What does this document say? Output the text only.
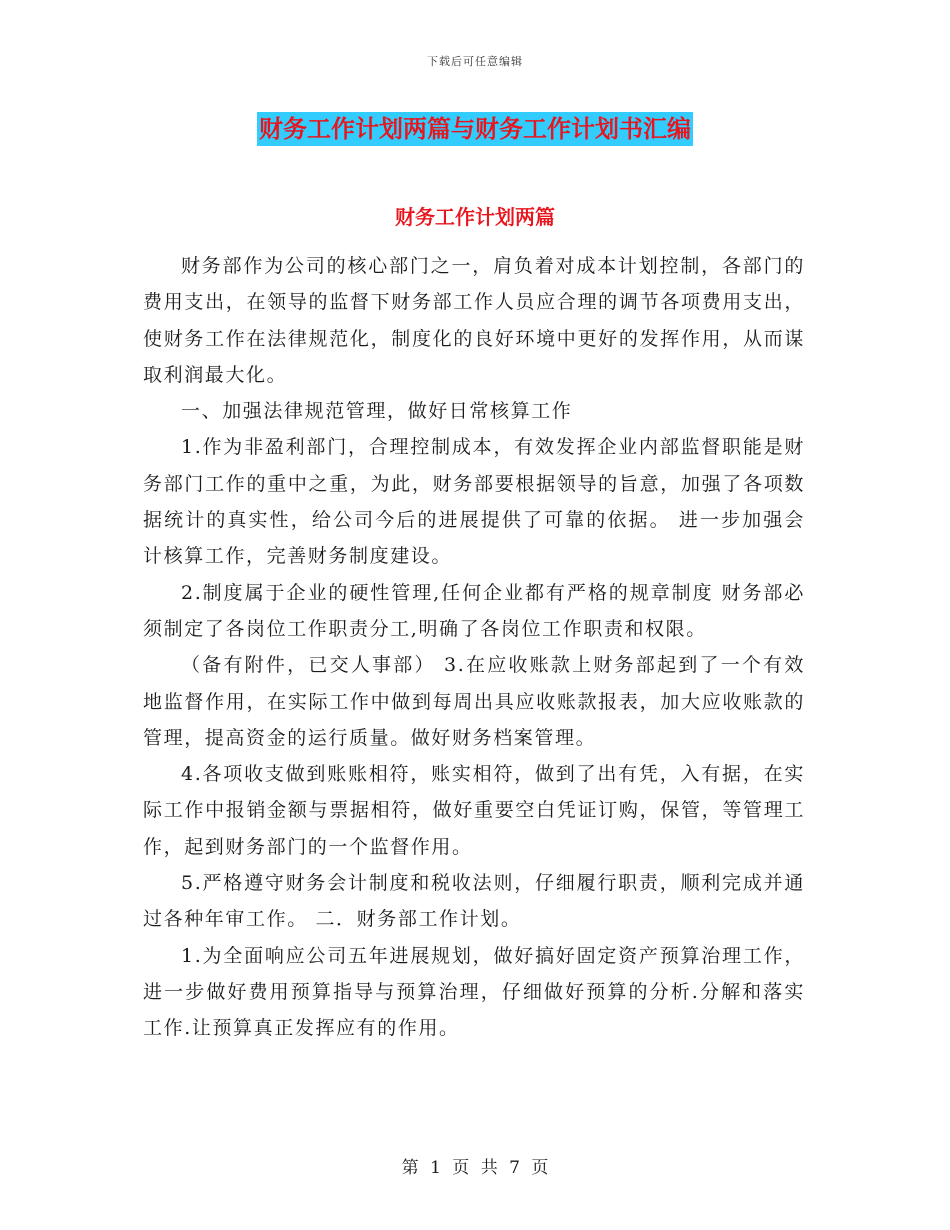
下载后可任意编辑
财务工作计划两篇与财务工作计划书汇编
财务工作计划两篇

财务部作为公司的核心部门之一，肩负着对成本计划控制，各部门的费用支出，在领导的监督下财务部工作人员应合理的调节各项费用支出，使财务工作在法律规范化，制度化的良好环境中更好的发挥作用，从而谋取利润最大化。

一、加强法律规范管理，做好日常核算工作

1.作为非盈利部门，合理控制成本，有效发挥企业内部监督职能是财务部门工作的重中之重，为此，财务部要根据领导的旨意，加强了各项数据统计的真实性，给公司今后的进展提供了可靠的依据。 进一步加强会计核算工作，完善财务制度建设。

2.制度属于企业的硬性管理,任何企业都有严格的规章制度 财务部必须制定了各岗位工作职责分工,明确了各岗位工作职责和权限。

（备有附件，已交人事部） 3.在应收账款上财务部起到了一个有效地监督作用，在实际工作中做到每周出具应收账款报表，加大应收账款的管理，提高资金的运行质量。做好财务档案管理。

4.各项收支做到账账相符，账实相符，做到了出有凭，入有据，在实际工作中报销金额与票据相符，做好重要空白凭证订购，保管，等管理工作，起到财务部门的一个监督作用。

5.严格遵守财务会计制度和税收法则，仔细履行职责，顺利完成并通过各种年审工作。 二．财务部工作计划。

1.为全面响应公司五年进展规划，做好搞好固定资产预算治理工作，进一步做好费用预算指导与预算治理，仔细做好预算的分析.分解和落实工作.让预算真正发挥应有的作用。

第 1 页 共 7 页
